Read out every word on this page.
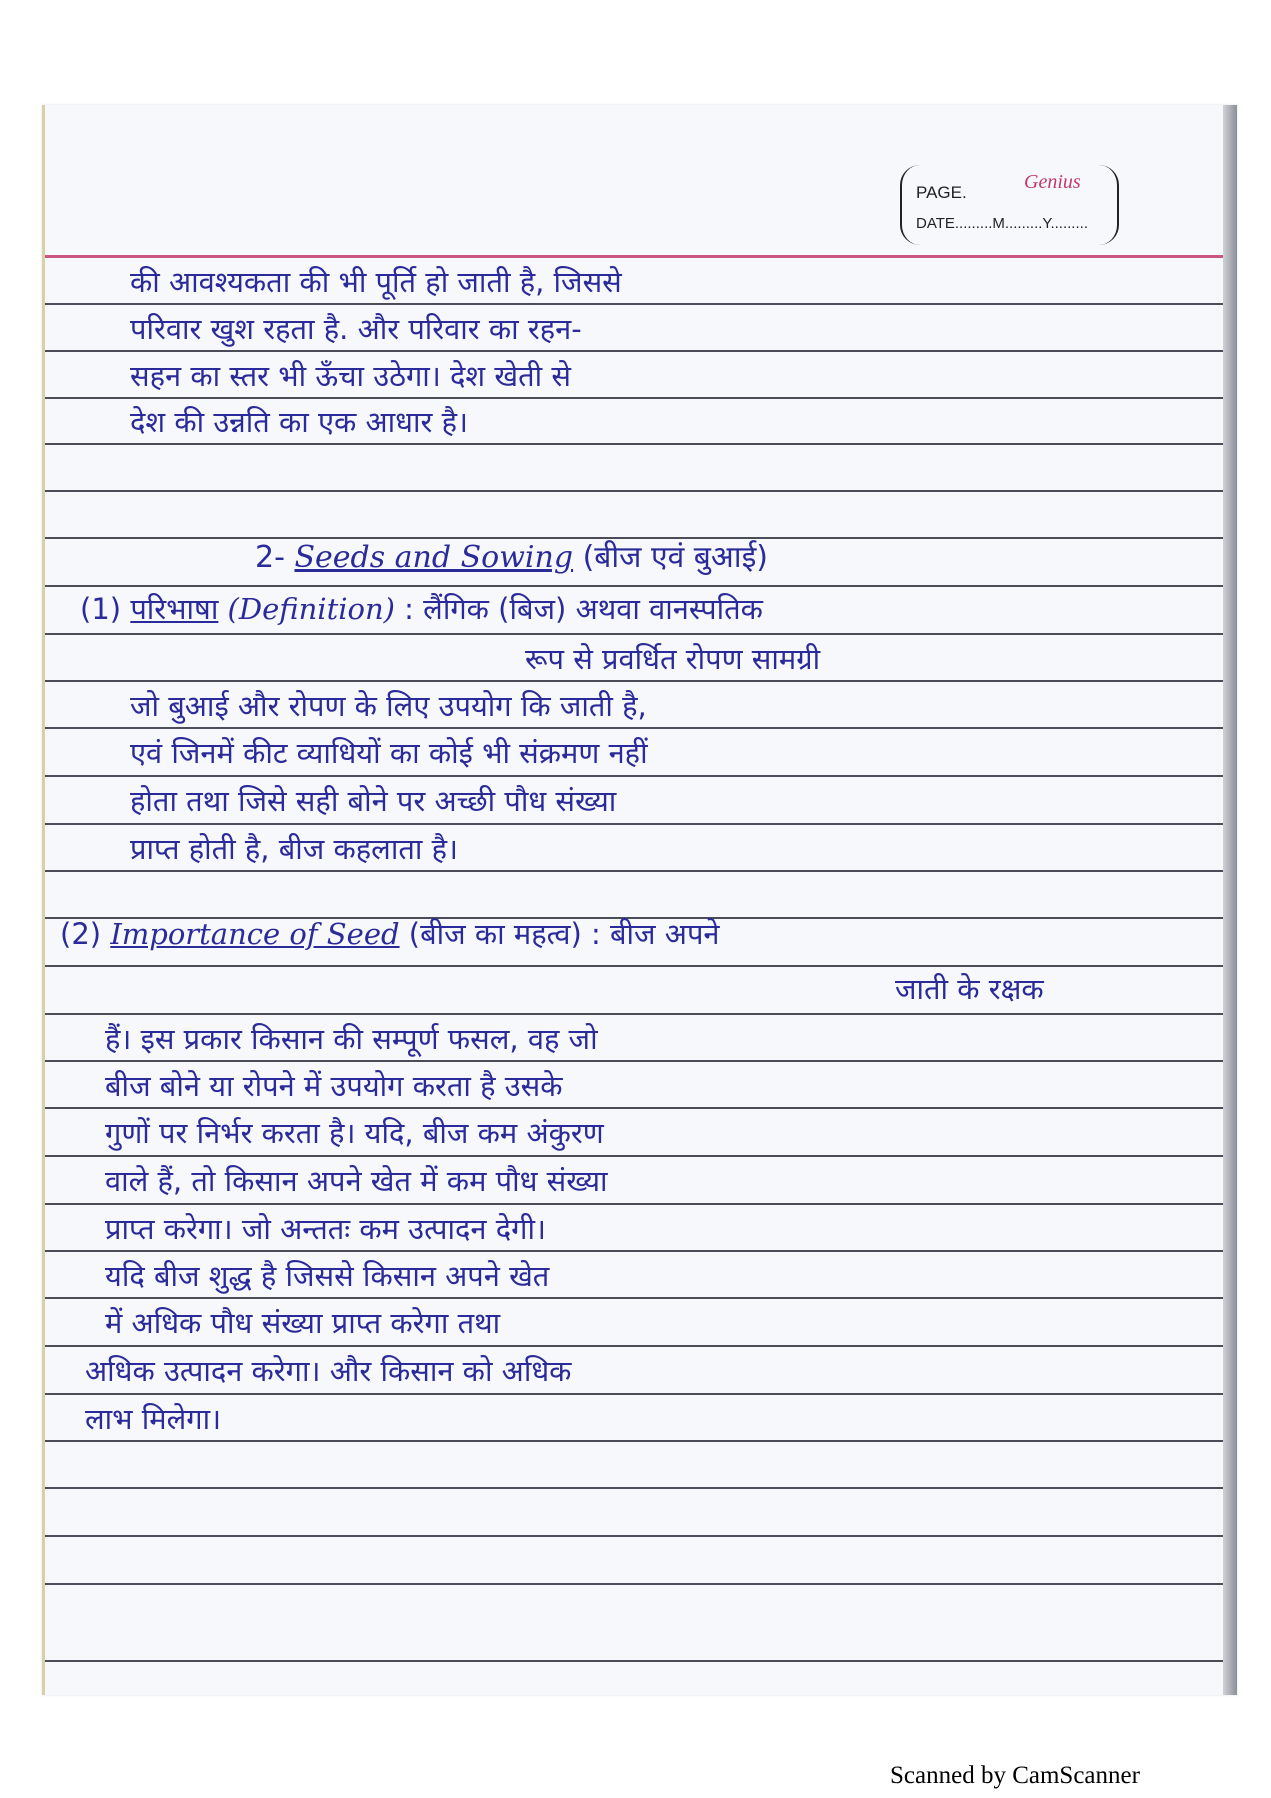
Genius
PAGE.
DATE.........M.........Y.........
की आवश्यकता की भी पूर्ति हो जाती है, जिससे
परिवार खुश रहता है. और परिवार का रहन-
सहन का स्तर भी ऊँचा उठेगा। देश खेती से
देश की उन्नति का एक आधार है।
2- Seeds and Sowing (बीज एवं बुआई)
(1) परिभाषा (Definition) : लैंगिक (बिज) अथवा वानस्पतिक
रूप से प्रवर्धित रोपण सामग्री
जो बुआई और रोपण के लिए उपयोग कि जाती है,
एवं जिनमें कीट व्याधियों का कोई भी संक्रमण नहीं
होता तथा जिसे सही बोने पर अच्छी पौध संख्या
प्राप्त होती है, बीज कहलाता है।
(2) Importance of Seed (बीज का महत्व) : बीज अपने
जाती के रक्षक
हैं। इस प्रकार किसान की सम्पूर्ण फसल, वह जो
बीज बोने या रोपने में उपयोग करता है उसके
गुणों पर निर्भर करता है। यदि, बीज कम अंकुरण
वाले हैं, तो किसान अपने खेत में कम पौध संख्या
प्राप्त करेगा। जो अन्ततः कम उत्पादन देगी।
यदि बीज शुद्ध है जिससे किसान अपने खेत
में अधिक पौध संख्या प्राप्त करेगा तथा
अधिक उत्पादन करेगा। और किसान को अधिक
लाभ मिलेगा।
Scanned by CamScanner
